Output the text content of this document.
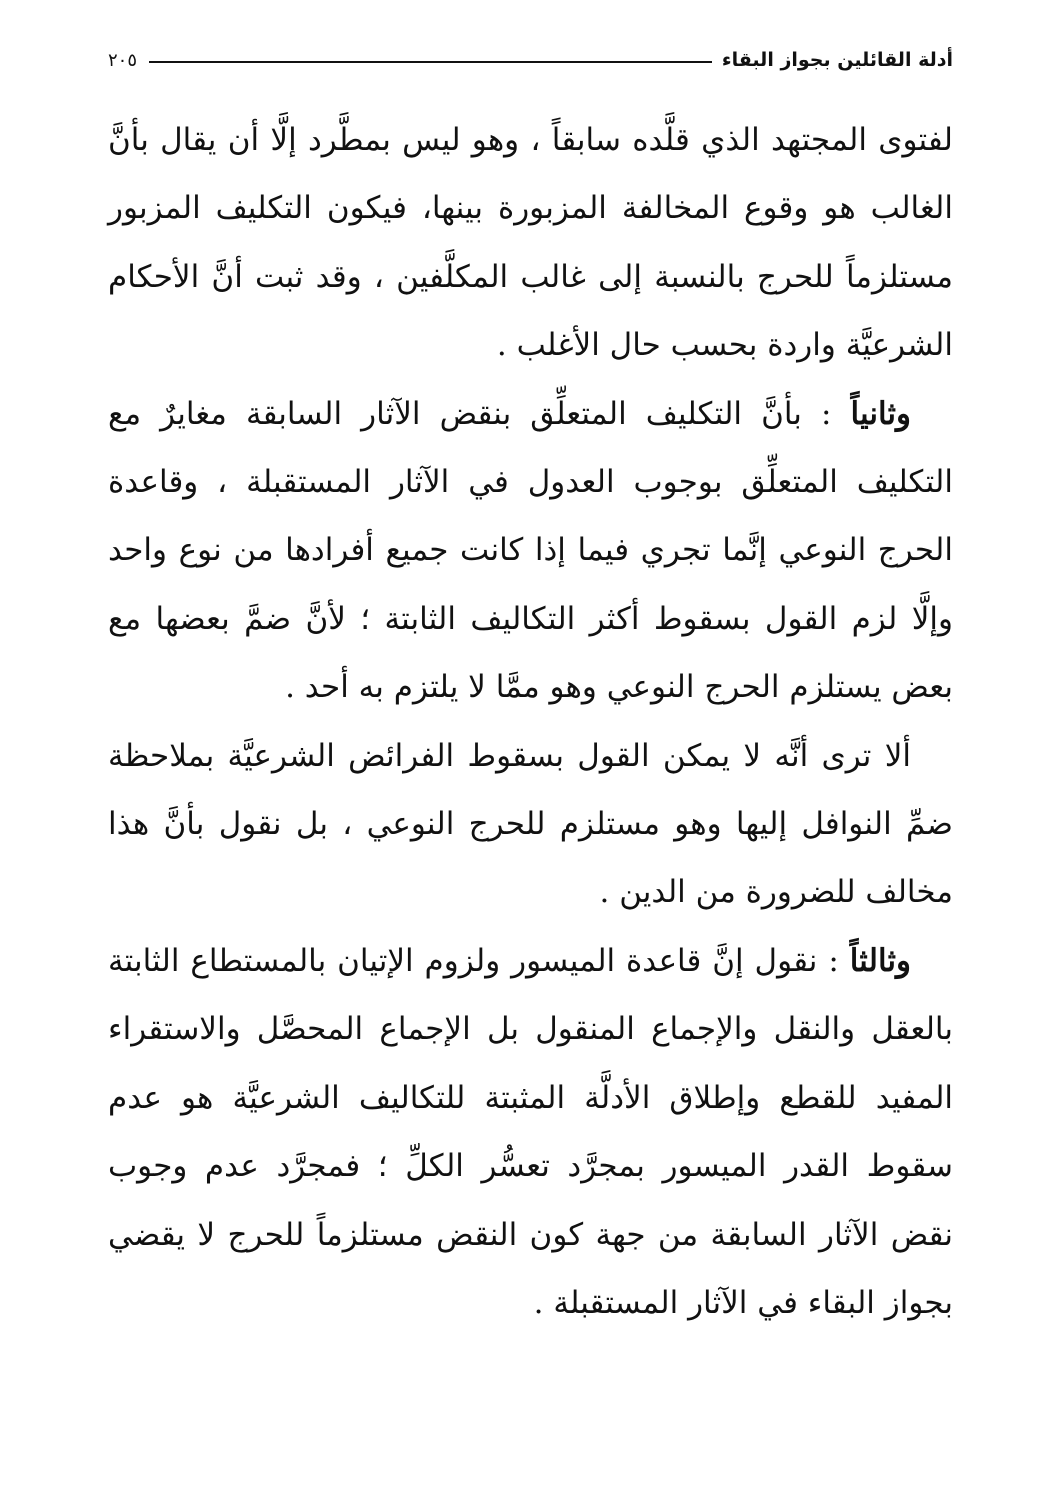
أدلة القائلين بجواز البقاء
٢٠٥

لفتوى المجتهد الذي قلَّده سابقاً ، وهو ليس بمطَّرد إلَّا أن يقال بأنَّ الغالب هو وقوع المخالفة المزبورة بينها، فيكون التكليف المزبور مستلزماً للحرج بالنسبة إلى غالب المكلَّفين ، وقد ثبت أنَّ الأحكام الشرعيَّة واردة بحسب حال الأغلب .

وثانياً : بأنَّ التكليف المتعلِّق بنقض الآثار السابقة مغايرٌ مع التكليف المتعلِّق بوجوب العدول في الآثار المستقبلة ، وقاعدة الحرج النوعي إنَّما تجري فيما إذا كانت جميع أفرادها من نوع واحد وإلَّا لزم القول بسقوط أكثر التكاليف الثابتة ؛ لأنَّ ضمَّ بعضها مع بعض يستلزم الحرج النوعي وهو ممَّا لا يلتزم به أحد .

ألا ترى أنَّه لا يمكن القول بسقوط الفرائض الشرعيَّة بملاحظة ضمِّ النوافل إليها وهو مستلزم للحرج النوعي ، بل نقول بأنَّ هذا مخالف للضرورة من الدين .

وثالثاً : نقول إنَّ قاعدة الميسور ولزوم الإتيان بالمستطاع الثابتة بالعقل والنقل والإجماع المنقول بل الإجماع المحصَّل والاستقراء المفيد للقطع وإطلاق الأدلَّة المثبتة للتكاليف الشرعيَّة هو عدم سقوط القدر الميسور بمجرَّد تعسُّر الكلِّ ؛ فمجرَّد عدم وجوب نقض الآثار السابقة من جهة كون النقض مستلزماً للحرج لا يقضي بجواز البقاء في الآثار المستقبلة .
